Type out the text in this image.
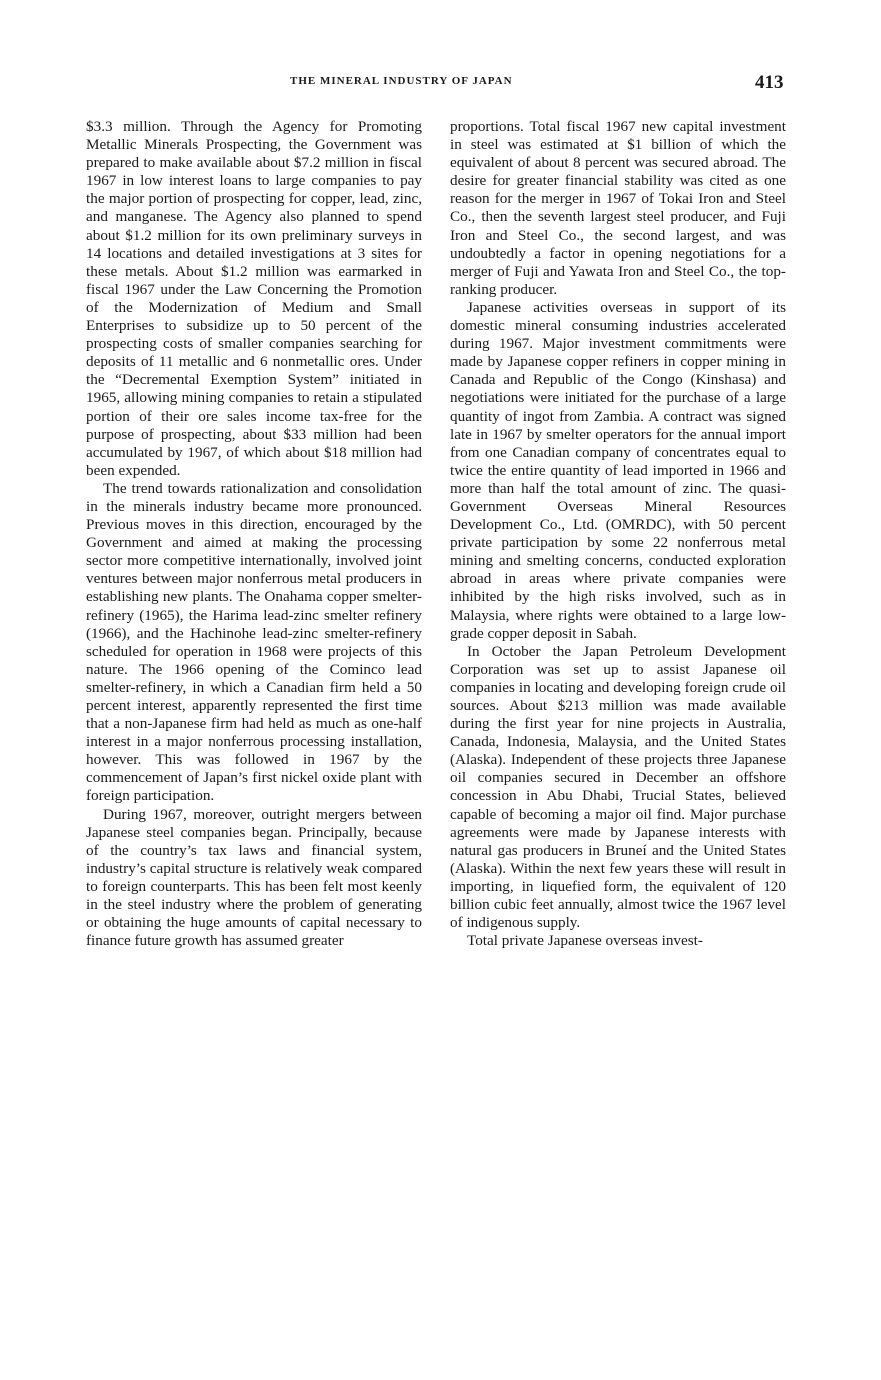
THE MINERAL INDUSTRY OF JAPAN	413

$3.3 million. Through the Agency for Promoting Metallic Minerals Prospecting, the Government was prepared to make available about $7.2 million in fiscal 1967 in low interest loans to large companies to pay the major portion of prospecting for copper, lead, zinc, and manganese. The Agency also planned to spend about $1.2 million for its own preliminary surveys in 14 locations and detailed investigations at 3 sites for these metals. About $1.2 million was earmarked in fiscal 1967 under the Law Concerning the Promotion of the Modernization of Medium and Small Enterprises to subsidize up to 50 percent of the prospecting costs of smaller companies searching for deposits of 11 metallic and 6 nonmetallic ores. Under the “Decremental Exemption System” initiated in 1965, allowing mining companies to retain a stipulated portion of their ore sales income tax-free for the purpose of prospecting, about $33 million had been accumulated by 1967, of which about $18 million had been expended.

The trend towards rationalization and consolidation in the minerals industry became more pronounced. Previous moves in this direction, encouraged by the Government and aimed at making the processing sector more competitive internationally, involved joint ventures between major nonferrous metal producers in establishing new plants. The Onahama copper smelter-refinery (1965), the Harima lead-zinc smelter refinery (1966), and the Hachinohe lead-zinc smelter-refinery scheduled for operation in 1968 were projects of this nature. The 1966 opening of the Cominco lead smelter-refinery, in which a Canadian firm held a 50 percent interest, apparently represented the first time that a non-Japanese firm had held as much as one-half interest in a major nonferrous processing installation, however. This was followed in 1967 by the commencement of Japan’s first nickel oxide plant with foreign participation.

During 1967, moreover, outright mergers between Japanese steel companies began. Principally, because of the country’s tax laws and financial system, industry’s capital structure is relatively weak compared to foreign counterparts. This has been felt most keenly in the steel industry where the problem of generating or obtaining the huge amounts of capital necessary to finance future growth has assumed greater

proportions. Total fiscal 1967 new capital investment in steel was estimated at $1 billion of which the equivalent of about 8 percent was secured abroad. The desire for greater financial stability was cited as one reason for the merger in 1967 of Tokai Iron and Steel Co., then the seventh largest steel producer, and Fuji Iron and Steel Co., the second largest, and was undoubtedly a factor in opening negotiations for a merger of Fuji and Yawata Iron and Steel Co., the top-ranking producer.

Japanese activities overseas in support of its domestic mineral consuming industries accelerated during 1967. Major investment commitments were made by Japanese copper refiners in copper mining in Canada and Republic of the Congo (Kinshasa) and negotiations were initiated for the purchase of a large quantity of ingot from Zambia. A contract was signed late in 1967 by smelter operators for the annual import from one Canadian company of concentrates equal to twice the entire quantity of lead imported in 1966 and more than half the total amount of zinc. The quasi-Government Overseas Mineral Resources Development Co., Ltd. (OMRDC), with 50 percent private participation by some 22 nonferrous metal mining and smelting concerns, conducted exploration abroad in areas where private companies were inhibited by the high risks involved, such as in Malaysia, where rights were obtained to a large low-grade copper deposit in Sabah.

In October the Japan Petroleum Development Corporation was set up to assist Japanese oil companies in locating and developing foreign crude oil sources. About $213 million was made available during the first year for nine projects in Australia, Canada, Indonesia, Malaysia, and the United States (Alaska). Independent of these projects three Japanese oil companies secured in December an offshore concession in Abu Dhabi, Trucial States, believed capable of becoming a major oil find. Major purchase agreements were made by Japanese interests with natural gas producers in Bruneí and the United States (Alaska). Within the next few years these will result in importing, in liquefied form, the equivalent of 120 billion cubic feet annually, almost twice the 1967 level of indigenous supply.

Total private Japanese overseas invest-
